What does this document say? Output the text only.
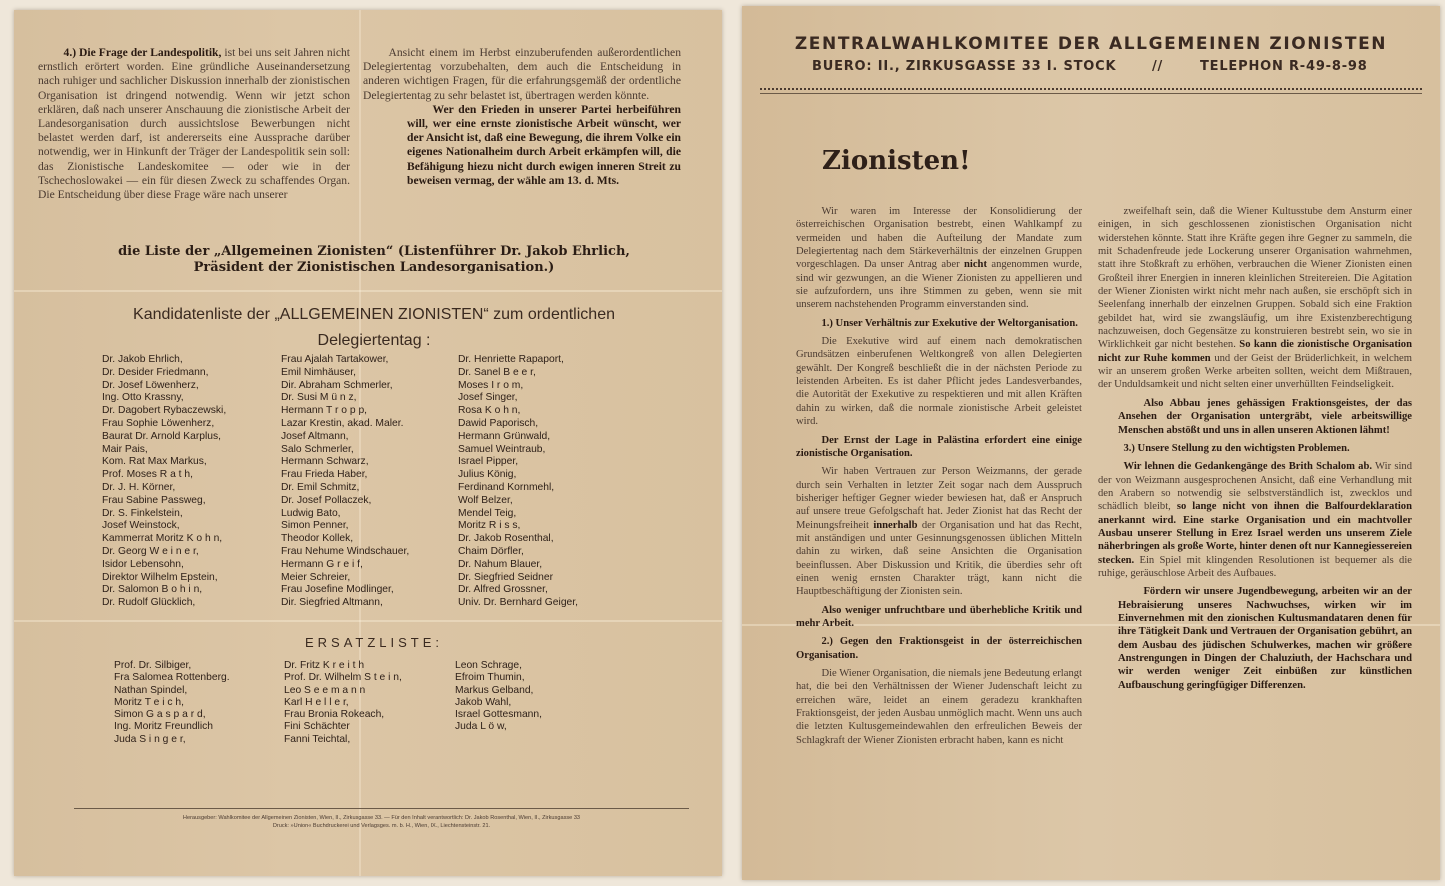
4.) Die Frage der Landespolitik, ist bei uns seit Jahren nicht ernstlich erörtert worden. Eine gründliche Auseinandersetzung nach ruhiger und sachlicher Diskussion innerhalb der zionistischen Organisation ist dringend notwendig. Wenn wir jetzt schon erklären, daß nach unserer Anschauung die zionistische Arbeit der Landesorganisation durch aussichtslose Bewerbungen nicht belastet werden darf, ist andererseits eine Aussprache darüber notwendig, wer in Hinkunft der Träger der Landespolitik sein soll: das Zionistische Landeskomitee — oder wie in der Tschechoslowakei — ein für diesen Zweck zu schaffendes Organ. Die Entscheidung über diese Frage wäre nach unserer

Ansicht einem im Herbst einzuberufenden außerordentlichen Delegiertentag vorzubehalten, dem auch die Entscheidung in anderen wichtigen Fragen, für die erfahrungsgemäß der ordentliche Delegiertentag zu sehr belastet ist, übertragen werden könnte.

Wer den Frieden in unserer Partei herbeiführen will, wer eine ernste zionistische Arbeit wünscht, wer der Ansicht ist, daß eine Bewegung, die ihrem Volke ein eigenes Nationalheim durch Arbeit erkämpfen will, die Befähigung hiezu nicht durch ewigen inneren Streit zu beweisen vermag, der wähle am 13. d. Mts.

die Liste der „Allgemeinen Zionisten“ (Listenführer Dr. Jakob Ehrlich,
Präsident der Zionistischen Landesorganisation.)
Kandidatenliste der „ALLGEMEINEN ZIONISTEN“ zum ordentlichen
Delegiertentag :
Dr. Jakob Ehrlich,
Dr. Desider Friedmann,
Dr. Josef Löwenherz,
Ing. Otto Krassny,
Dr. Dagobert Rybaczewski,
Frau Sophie Löwenherz,
Baurat Dr. Arnold Karplus,
Mair Pais,
Kom. Rat Max Markus,
Prof. Moses R a t h,
Dr. J. H. Körner,
Frau Sabine Passweg,
Dr. S. Finkelstein,
Josef Weinstock,
Kammerrat Moritz K o h n,
Dr. Georg W e i n e r,
Isidor Lebensohn,
Direktor Wilhelm Epstein,
Dr. Salomon B o h i n,
Dr. Rudolf Glücklich,
Frau Ajalah Tartakower,
Emil Nimhäuser,
Dir. Abraham Schmerler,
Dr. Susi M ü n z,
Hermann T r o p p,
Lazar Krestin, akad. Maler.
Josef Altmann,
Salo Schmerler,
Hermann Schwarz,
Frau Frieda Haber,
Dr. Emil Schmitz,
Dr. Josef Pollaczek,
Ludwig Bato,
Simon Penner,
Theodor Kollek,
Frau Nehume Windschauer,
Hermann G r e i f,
Meier Schreier,
Frau Josefine Modlinger,
Dir. Siegfried Altmann,
Dr. Henriette Rapaport,
Dr. Sanel B e e r,
Moses I r o m,
Josef Singer,
Rosa K o h n,
Dawid Paporisch,
Hermann Grünwald,
Samuel Weintraub,
Israel Pipper,
Julius König,
Ferdinand Kornmehl,
Wolf Belzer,
Mendel Teig,
Moritz R i s s,
Dr. Jakob Rosenthal,
Chaim Dörfler,
Dr. Nahum Blauer,
Dr. Siegfried Seidner
Dr. Alfred Grossner,
Univ. Dr. Bernhard Geiger,
ERSATZLISTE:
Prof. Dr. Silbiger,
Fra Salomea Rottenberg.
Nathan Spindel,
Moritz T e i c h,
Simon G a s p a r d,
Ing. Moritz Freundlich
Juda S i n g e r,
Dr. Fritz K r e i t h
Prof. Dr. Wilhelm S t e i n,
Leo S e e m a n n
Karl H e l l e r,
Frau Bronia Rokeach,
Fini Schächter
Fanni Teichtal,
Leon Schrage,
Efroim Thumin,
Markus Gelband,
Jakob Wahl,
Israel Gottesmann,
Juda L ö w,
Herausgeber: Wahlkomitee der Allgemeinen Zionisten, Wien, II., Zirkusgasse 33. — Für den Inhalt verantwortlich: Dr. Jakob Rosenthal, Wien, II., Zirkusgasse 33
Druck: »Union« Buchdruckerei und Verlagsges. m. b. H., Wien, IX., Liechtensteinstr. 21.
ZENTRALWAHLKOMITEE DER ALLGEMEINEN ZIONISTEN
BUERO: II., ZIRKUSGASSE 33 I. STOCK	//	TELEPHON R-49-8-98
Zionisten!

Wir waren im Interesse der Konsolidierung der österreichischen Organisation bestrebt, einen Wahlkampf zu vermeiden und haben die Aufteilung der Mandate zum Delegiertentag nach dem Stärkeverhältnis der einzelnen Gruppen vorgeschlagen. Da unser Antrag aber nicht angenommen wurde, sind wir gezwungen, an die Wiener Zionisten zu appellieren und sie aufzufordern, uns ihre Stimmen zu geben, wenn sie mit unserem nachstehenden Programm einverstanden sind.

1.) Unser Verhältnis zur Exekutive der Weltorganisation.

Die Exekutive wird auf einem nach demokratischen Grundsätzen einberufenen Weltkongreß von allen Delegierten gewählt. Der Kongreß beschließt die in der nächsten Periode zu leistenden Arbeiten. Es ist daher Pflicht jedes Landesverbandes, die Autorität der Exekutive zu respektieren und mit allen Kräften dahin zu wirken, daß die normale zionistische Arbeit geleistet wird.

Der Ernst der Lage in Palästina erfordert eine einige zionistische Organisation.

Wir haben Vertrauen zur Person Weizmanns, der gerade durch sein Verhalten in letzter Zeit sogar nach dem Ausspruch bisheriger heftiger Gegner wieder bewiesen hat, daß er Anspruch auf unsere treue Gefolgschaft hat. Jeder Zionist hat das Recht der Meinungsfreiheit innerhalb der Organisation und hat das Recht, mit anständigen und unter Gesinnungsgenossen üblichen Mitteln dahin zu wirken, daß seine Ansichten die Organisation beeinflussen. Aber Diskussion und Kritik, die überdies sehr oft einen wenig ernsten Charakter trägt, kann nicht die Hauptbeschäftigung der Zionisten sein.

Also weniger unfruchtbare und überhebliche Kritik und mehr Arbeit.

2.) Gegen den Fraktionsgeist in der österreichischen Organisation.

Die Wiener Organisation, die niemals jene Bedeutung erlangt hat, die bei den Verhältnissen der Wiener Judenschaft leicht zu erreichen wäre, leidet an einem geradezu krankhaften Fraktionsgeist, der jeden Ausbau unmöglich macht. Wenn uns auch die letzten Kultusgemeindewahlen den erfreulichen Beweis der Schlagkraft der Wiener Zionisten erbracht haben, kann es nicht

zweifelhaft sein, daß die Wiener Kultusstube dem Ansturm einer einigen, in sich geschlossenen zionistischen Organisation nicht widerstehen könnte. Statt ihre Kräfte gegen ihre Gegner zu sammeln, die mit Schadenfreude jede Lockerung unserer Organisation wahrnehmen, statt ihre Stoßkraft zu erhöhen, verbrauchen die Wiener Zionisten einen Großteil ihrer Energien in inneren kleinlichen Streitereien. Die Agitation der Wiener Zionisten wirkt nicht mehr nach außen, sie erschöpft sich in Seelenfang innerhalb der einzelnen Gruppen. Sobald sich eine Fraktion gebildet hat, wird sie zwangsläufig, um ihre Existenzberechtigung nachzuweisen, doch Gegensätze zu konstruieren bestrebt sein, wo sie in Wirklichkeit gar nicht bestehen. So kann die zionistische Organisation nicht zur Ruhe kommen und der Geist der Brüderlichkeit, in welchem wir an unserem großen Werke arbeiten sollten, weicht dem Mißtrauen, der Unduldsamkeit und nicht selten einer unverhüllten Feindseligkeit.

Also Abbau jenes gehässigen Fraktionsgeistes, der das Ansehen der Organisation untergräbt, viele arbeitswillige Menschen abstößt und uns in allen unseren Aktionen lähmt!

3.) Unsere Stellung zu den wichtigsten Problemen.

Wir lehnen die Gedankengänge des Brith Schalom ab. Wir sind der von Weizmann ausgesprochenen Ansicht, daß eine Verhandlung mit den Arabern so notwendig sie selbstverständlich ist, zwecklos und schädlich bleibt, so lange nicht von ihnen die Balfourdeklaration anerkannt wird. Eine starke Organisation und ein machtvoller Ausbau unserer Stellung in Erez Israel werden uns unserem Ziele näherbringen als große Worte, hinter denen oft nur Kannegiessereien stecken. Ein Spiel mit klingenden Resolutionen ist bequemer als die ruhige, geräuschlose Arbeit des Aufbaues.

Fördern wir unsere Jugendbewegung, arbeiten wir an der Hebraisierung unseres Nachwuchses, wirken wir im Einvernehmen mit den zionischen Kultusmandataren denen für ihre Tätigkeit Dank und Vertrauen der Organisation gebührt, an dem Ausbau des jüdischen Schulwerkes, machen wir größere Anstrengungen in Dingen der Chaluziuth, der Hachschara und wir werden weniger Zeit einbüßen zur künstlichen Aufbauschung geringfügiger Differenzen.
